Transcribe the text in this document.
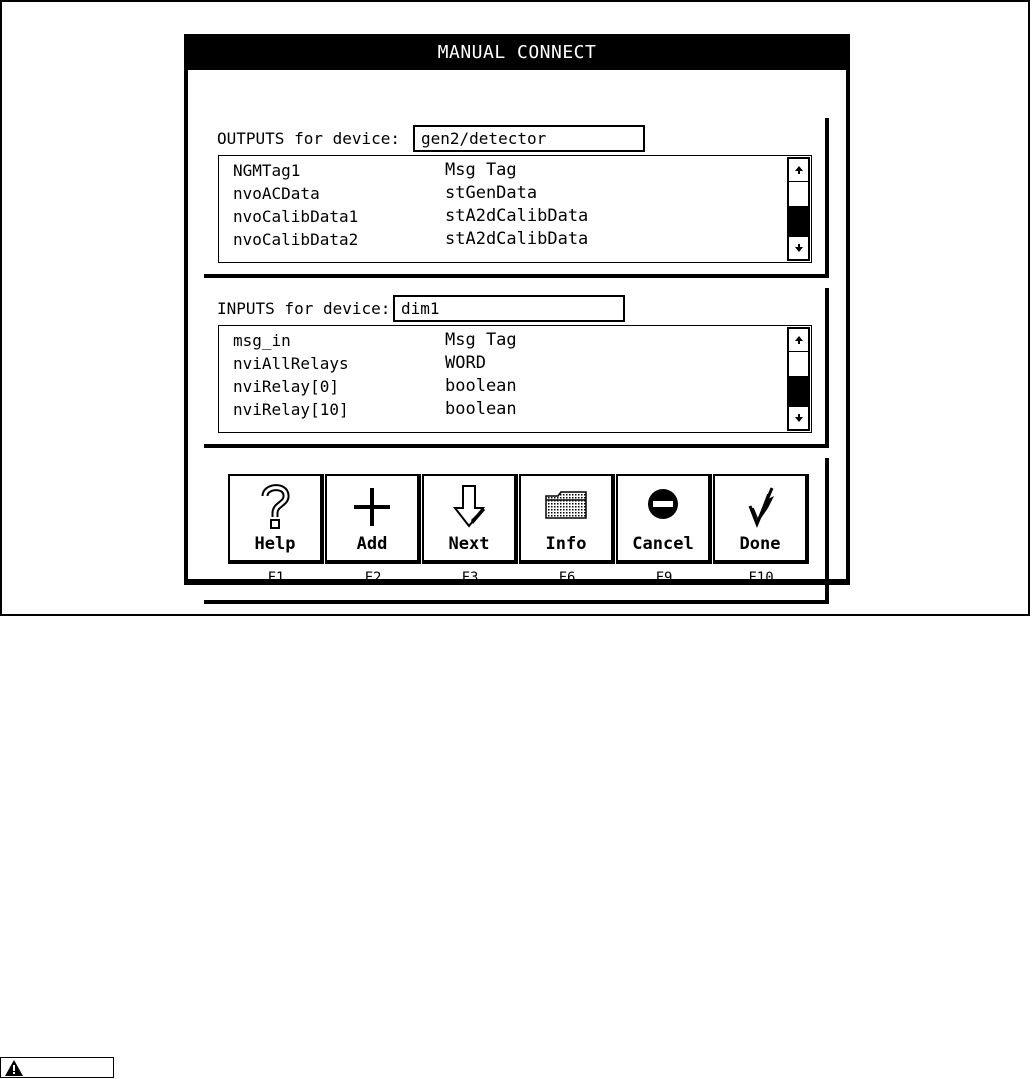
MANUAL CONNECT
OUTPUTS for device:	gen2/detector
NGMTag1	Msg Tag
nvoACData	stGenData
nvoCalibData1	stA2dCalibData
nvoCalibData2	stA2dCalibData
INPUTS for device: dim1
msg_in	Msg Tag
nviAllRelays	WORD
nviRelay[0]	boolean
nviRelay[10]	boolean
Help	Add	Next	Info	Cancel	Done
F1	F2	F3	F6	F9	F10
